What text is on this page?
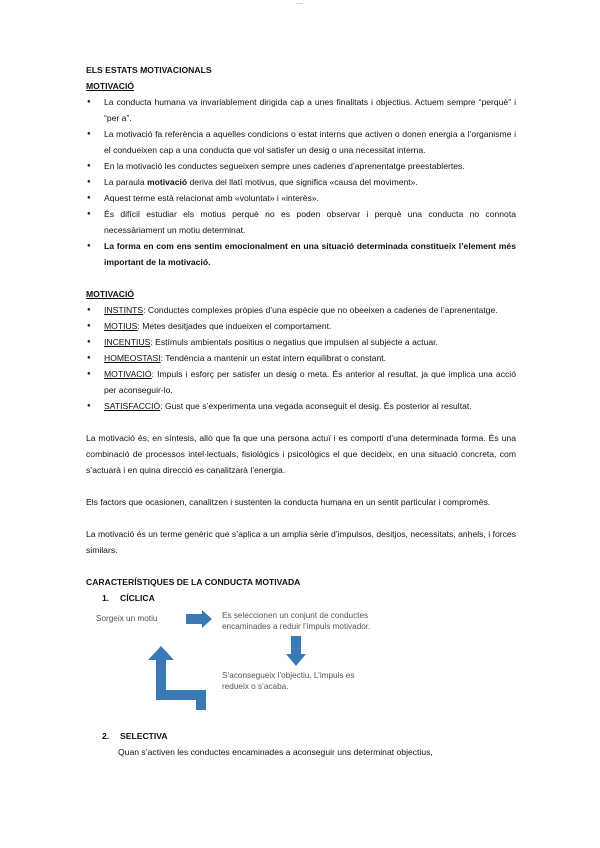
....
ELS ESTATS MOTIVACIONALS
MOTIVACIÓ
● La conducta humana va invariablement dirigida cap a unes finalitats i objectius. Actuem sempre “perquè” i “per a”.
● La motivació fa referència a aquelles condicions o estat interns que activen o donen energia a l’organisme i el condueixen cap a una conducta que vol satisfer un desig o una necessitat interna.
● En la motivació les conductes segueixen sempre unes cadenes d’aprenentatge preestablertes.
● La paraula motivació deriva del llatí motivus, que significa «causa del moviment».
● Aquest terme està relacionat amb «voluntat» i «interès».
● És difícil estudiar els motius perquè no es poden observar i perquè una conducta no connota necessàriament un motiu determinat.
● La forma en com ens sentim emocionalment en una situació determinada constitueix l’element més important de la motivació.
MOTIVACIÓ
● INSTINTS: Conductes complexes pròpies d’una espècie que no obeeixen a cadenes de l’aprenentatge.
● MOTIUS: Metes desitjades que indueixen el comportament.
● INCENTIUS: Estímuls ambientals positius o negatius que impulsen al subjecte a actuar.
● HOMEOSTASI: Tendència a mantenir un estat intern equilibrat o constant.
● MOTIVACIÓ: Impuls i esforç per satisfer un desig o meta. És anterior al resultat, ja que implica una acció per aconseguir-lo.
● SATISFACCIÓ: Gust que s’experimenta una vegada aconseguit el desig. És posterior al resultat.

La motivació és, en síntesis, allò que fa que una persona actuï i es comporti d’una determinada forma. És una combinació de processos intel·lectuals, fisiològics i psicològics el que decideix, en una situació concreta, com s’actuarà i en quina direcció es canalitzarà l’energia.

Els factors que ocasionen, canalitzen i sustenten la conducta humana en un sentit particular i compromès.

La motivació és un terme genèric que s’aplica a un amplia sèrie d’impulsos, desitjos, necessitats, anhels, i forces similars.

CARACTERÍSTIQUES DE LA CONDUCTA MOTIVADA
1. CÍCLICA
Sorgeix un motiu	Es seleccionen un conjunt de conductes
encaminades a reduir l’impuls motivador.
S’aconsegueix l’objectiu. L’impuls es
redueix o s’acaba.
2. SELECTIVA
Quan s’activen les conductes encaminades a aconseguir uns determinat objectius,
